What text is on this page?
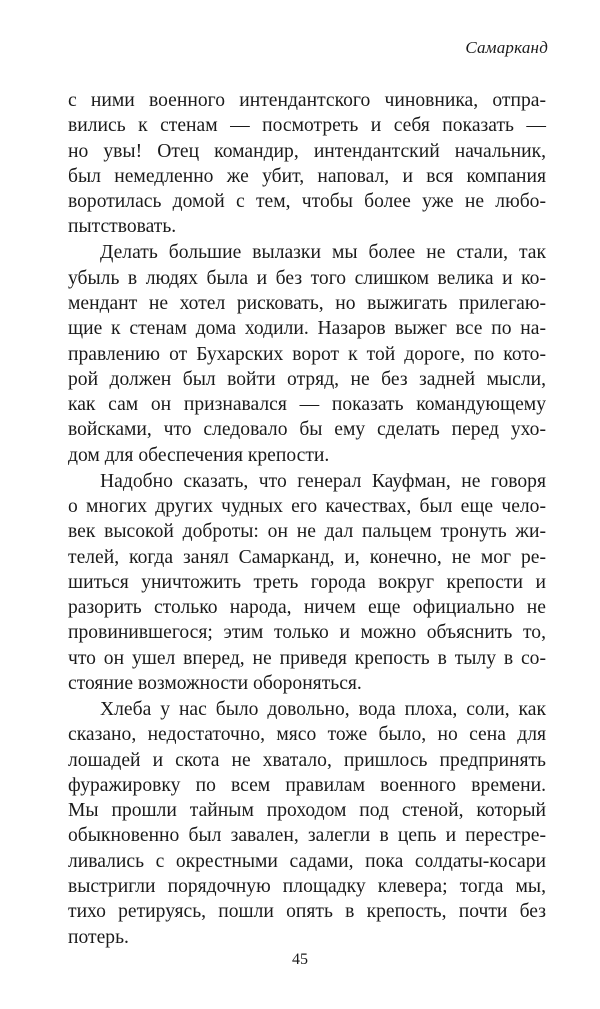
Самарканд
с ними военного интендантского чиновника, отпра-
вились к стенам — посмотреть и себя показать —
но увы! Отец командир, интендантский начальник,
был немедленно же убит, наповал, и вся компания
воротилась домой с тем, чтобы более уже не любо-
пытствовать.
Делать большие вылазки мы более не стали, так
убыль в людях была и без того слишком велика и ко-
мендант не хотел рисковать, но выжигать прилегаю-
щие к стенам дома ходили. Назаров выжег все по на-
правлению от Бухарских ворот к той дороге, по кото-
рой должен был войти отряд, не без задней мысли,
как сам он признавался — показать командующему
войсками, что следовало бы ему сделать перед ухо-
дом для обеспечения крепости.
Надобно сказать, что генерал Кауфман, не говоря
о многих других чудных его качествах, был еще чело-
век высокой доброты: он не дал пальцем тронуть жи-
телей, когда занял Самарканд, и, конечно, не мог ре-
шиться уничтожить треть города вокруг крепости и
разорить столько народа, ничем еще официально не
провинившегося; этим только и можно объяснить то,
что он ушел вперед, не приведя крепость в тылу в со-
стояние возможности обороняться.
Хлеба у нас было довольно, вода плоха, соли, как
сказано, недостаточно, мясо тоже было, но сена для
лошадей и скота не хватало, пришлось предпринять
фуражировку по всем правилам военного времени.
Мы прошли тайным проходом под стеной, который
обыкновенно был завален, залегли в цепь и перестре-
ливались с окрестными садами, пока солдаты-косари
выстригли порядочную площадку клевера; тогда мы,
тихо ретируясь, пошли опять в крепость, почти без
потерь.
45
